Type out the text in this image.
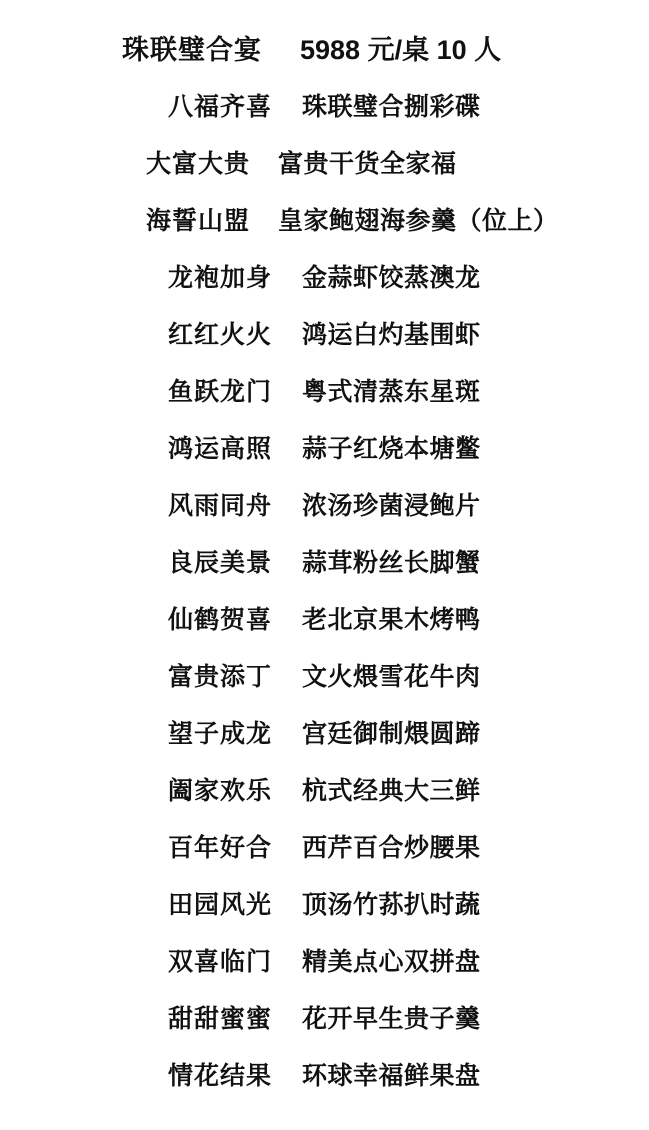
珠联璧合宴 5988 元/桌 10 人
八福齐喜	珠联璧合捌彩碟
大富大贵	富贵干货全家福
海誓山盟	皇家鲍翅海参羹（位上）
龙袍加身	金蒜虾饺蒸澳龙
红红火火	鸿运白灼基围虾
鱼跃龙门	粤式清蒸东星斑
鸿运高照	蒜子红烧本塘鳖
风雨同舟	浓汤珍菌浸鲍片
良辰美景	蒜茸粉丝长脚蟹
仙鹤贺喜	老北京果木烤鸭
富贵添丁	文火煨雪花牛肉
望子成龙	宫廷御制煨圆蹄
阖家欢乐	杭式经典大三鲜
百年好合	西芹百合炒腰果
田园风光	顶汤竹荪扒时蔬
双喜临门	精美点心双拼盘
甜甜蜜蜜	花开早生贵子羹
情花结果	环球幸福鲜果盘
